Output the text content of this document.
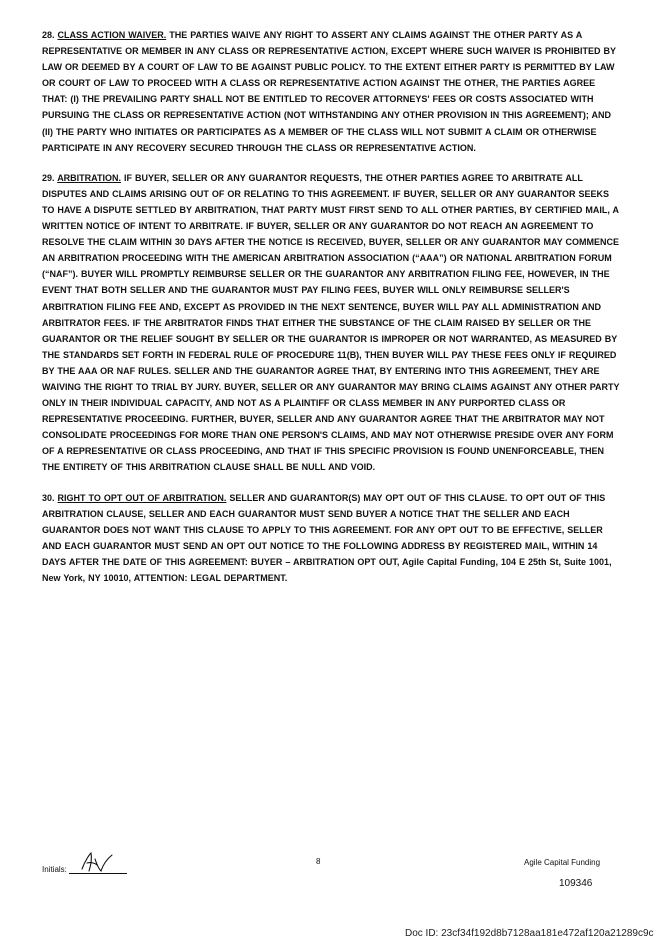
28. CLASS ACTION WAIVER. THE PARTIES WAIVE ANY RIGHT TO ASSERT ANY CLAIMS AGAINST THE OTHER PARTY AS A REPRESENTATIVE OR MEMBER IN ANY CLASS OR REPRESENTATIVE ACTION, EXCEPT WHERE SUCH WAIVER IS PROHIBITED BY LAW OR DEEMED BY A COURT OF LAW TO BE AGAINST PUBLIC POLICY. TO THE EXTENT EITHER PARTY IS PERMITTED BY LAW OR COURT OF LAW TO PROCEED WITH A CLASS OR REPRESENTATIVE ACTION AGAINST THE OTHER, THE PARTIES AGREE THAT: (I) THE PREVAILING PARTY SHALL NOT BE ENTITLED TO RECOVER ATTORNEYS' FEES OR COSTS ASSOCIATED WITH PURSUING THE CLASS OR REPRESENTATIVE ACTION (NOT WITHSTANDING ANY OTHER PROVISION IN THIS AGREEMENT); AND (II) THE PARTY WHO INITIATES OR PARTICIPATES AS A MEMBER OF THE CLASS WILL NOT SUBMIT A CLAIM OR OTHERWISE PARTICIPATE IN ANY RECOVERY SECURED THROUGH THE CLASS OR REPRESENTATIVE ACTION.

29. ARBITRATION. IF BUYER, SELLER OR ANY GUARANTOR REQUESTS, THE OTHER PARTIES AGREE TO ARBITRATE ALL DISPUTES AND CLAIMS ARISING OUT OF OR RELATING TO THIS AGREEMENT. IF BUYER, SELLER OR ANY GUARANTOR SEEKS TO HAVE A DISPUTE SETTLED BY ARBITRATION, THAT PARTY MUST FIRST SEND TO ALL OTHER PARTIES, BY CERTIFIED MAIL, A WRITTEN NOTICE OF INTENT TO ARBITRATE. IF BUYER, SELLER OR ANY GUARANTOR DO NOT REACH AN AGREEMENT TO RESOLVE THE CLAIM WITHIN 30 DAYS AFTER THE NOTICE IS RECEIVED, BUYER, SELLER OR ANY GUARANTOR MAY COMMENCE AN ARBITRATION PROCEEDING WITH THE AMERICAN ARBITRATION ASSOCIATION (“AAA”) OR NATIONAL ARBITRATION FORUM (“NAF”). BUYER WILL PROMPTLY REIMBURSE SELLER OR THE GUARANTOR ANY ARBITRATION FILING FEE, HOWEVER, IN THE EVENT THAT BOTH SELLER AND THE GUARANTOR MUST PAY FILING FEES, BUYER WILL ONLY REIMBURSE SELLER'S ARBITRATION FILING FEE AND, EXCEPT AS PROVIDED IN THE NEXT SENTENCE, BUYER WILL PAY ALL ADMINISTRATION AND ARBITRATOR FEES. IF THE ARBITRATOR FINDS THAT EITHER THE SUBSTANCE OF THE CLAIM RAISED BY SELLER OR THE GUARANTOR OR THE RELIEF SOUGHT BY SELLER OR THE GUARANTOR IS IMPROPER OR NOT WARRANTED, AS MEASURED BY THE STANDARDS SET FORTH IN FEDERAL RULE OF PROCEDURE 11(B), THEN BUYER WILL PAY THESE FEES ONLY IF REQUIRED BY THE AAA OR NAF RULES. SELLER AND THE GUARANTOR AGREE THAT, BY ENTERING INTO THIS AGREEMENT, THEY ARE WAIVING THE RIGHT TO TRIAL BY JURY. BUYER, SELLER OR ANY GUARANTOR MAY BRING CLAIMS AGAINST ANY OTHER PARTY ONLY IN THEIR INDIVIDUAL CAPACITY, AND NOT AS A PLAINTIFF OR CLASS MEMBER IN ANY PURPORTED CLASS OR REPRESENTATIVE PROCEEDING. FURTHER, BUYER, SELLER AND ANY GUARANTOR AGREE THAT THE ARBITRATOR MAY NOT CONSOLIDATE PROCEEDINGS FOR MORE THAN ONE PERSON'S CLAIMS, AND MAY NOT OTHERWISE PRESIDE OVER ANY FORM OF A REPRESENTATIVE OR CLASS PROCEEDING, AND THAT IF THIS SPECIFIC PROVISION IS FOUND UNENFORCEABLE, THEN THE ENTIRETY OF THIS ARBITRATION CLAUSE SHALL BE NULL AND VOID.

30. RIGHT TO OPT OUT OF ARBITRATION. SELLER AND GUARANTOR(S) MAY OPT OUT OF THIS CLAUSE. TO OPT OUT OF THIS ARBITRATION CLAUSE, SELLER AND EACH GUARANTOR MUST SEND BUYER A NOTICE THAT THE SELLER AND EACH GUARANTOR DOES NOT WANT THIS CLAUSE TO APPLY TO THIS AGREEMENT. FOR ANY OPT OUT TO BE EFFECTIVE, SELLER AND EACH GUARANTOR MUST SEND AN OPT OUT NOTICE TO THE FOLLOWING ADDRESS BY REGISTERED MAIL, WITHIN 14 DAYS AFTER THE DATE OF THIS AGREEMENT: BUYER – ARBITRATION OPT OUT, Agile Capital Funding, 104 E 25th St, Suite 1001, New York, NY 10010, ATTENTION: LEGAL DEPARTMENT.

Initials:
8	Agile Capital Funding
109346
Doc ID: 23cf34f192d8b7128aa181e472af120a21289c9c
